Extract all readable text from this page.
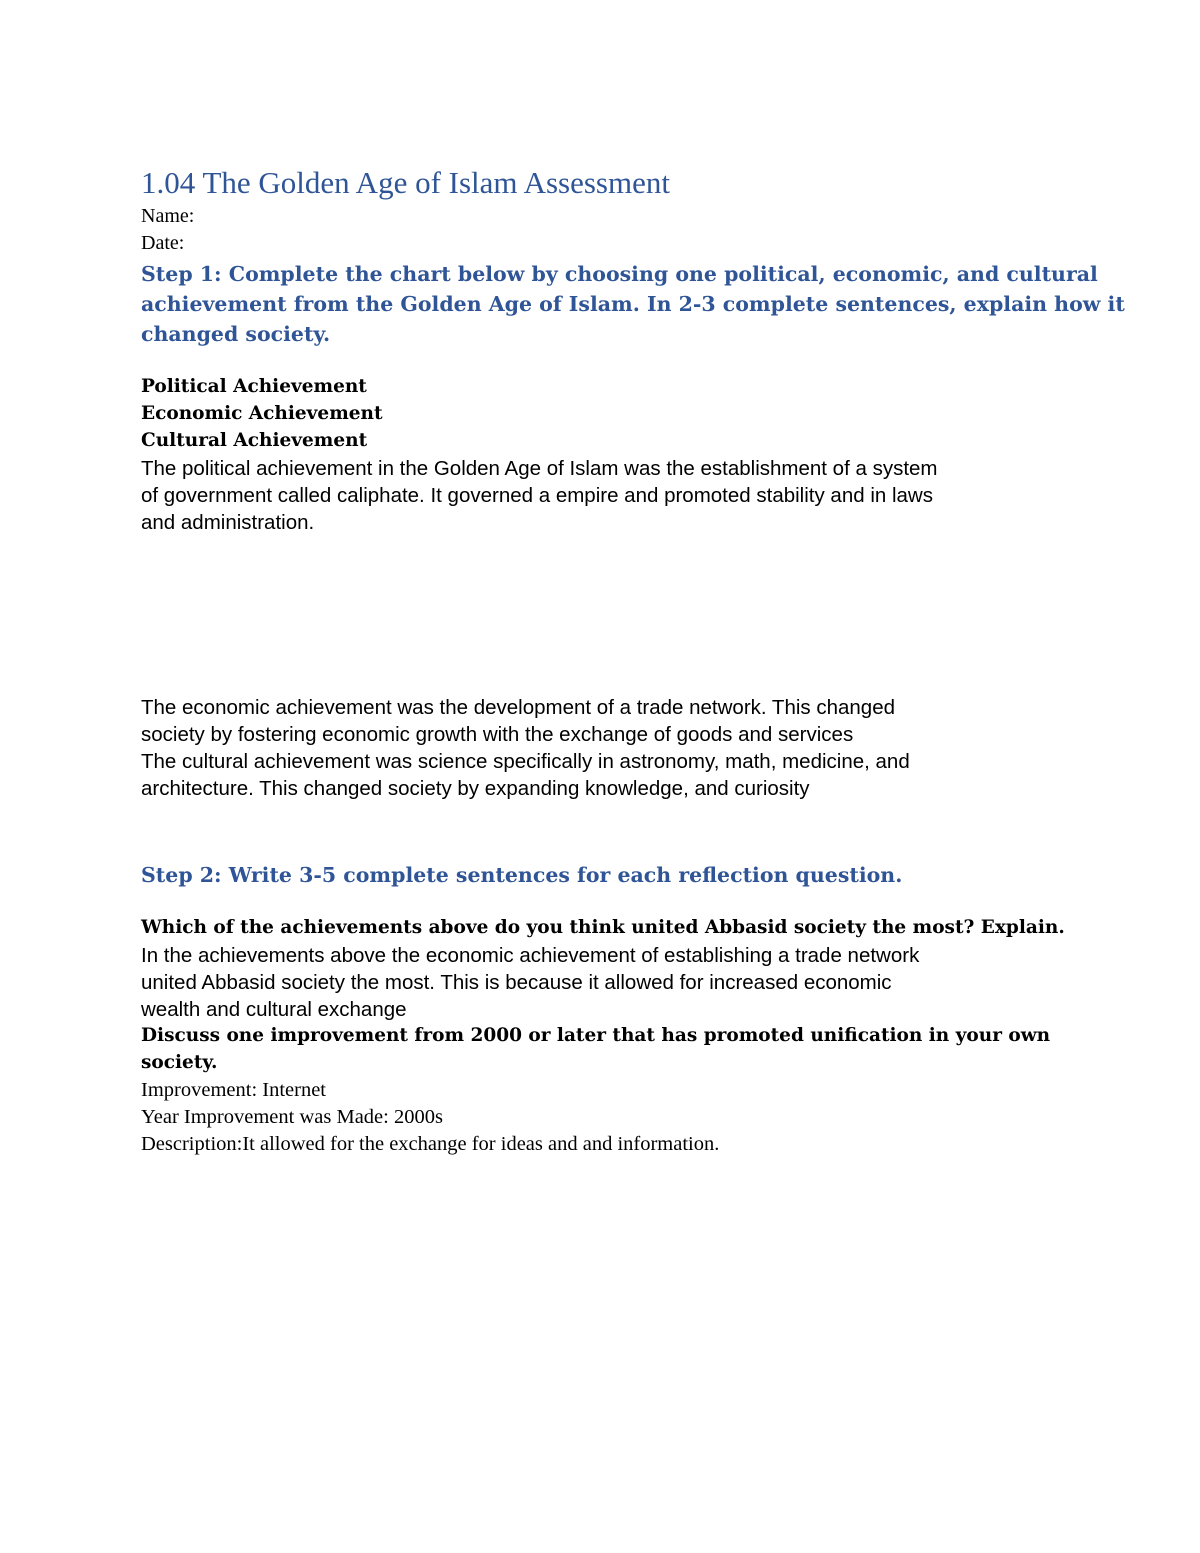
1.04 The Golden Age of Islam Assessment
Name:
Date:
Step 1: Complete the chart below by choosing one political, economic, and cultural
achievement from the Golden Age of Islam. In 2-3 complete sentences, explain how it
changed society.
Political Achievement
Economic Achievement
Cultural Achievement
The political achievement in the Golden Age of Islam was the establishment of a system
of government called caliphate. It governed a empire and promoted stability and in laws
and administration.
The economic achievement was the development of a trade network. This changed
society by fostering economic growth with the exchange of goods and services
The cultural achievement was science specifically in astronomy, math, medicine, and
architecture. This changed society by expanding knowledge, and curiosity
Step 2: Write 3-5 complete sentences for each reflection question.
Which of the achievements above do you think united Abbasid society the most? Explain.
In the achievements above the economic achievement of establishing a trade network
united Abbasid society the most. This is because it allowed for increased economic
wealth and cultural exchange
Discuss one improvement from 2000 or later that has promoted unification in your own
society.
Improvement: Internet
Year Improvement was Made: 2000s
Description:It allowed for the exchange for ideas and and information.
